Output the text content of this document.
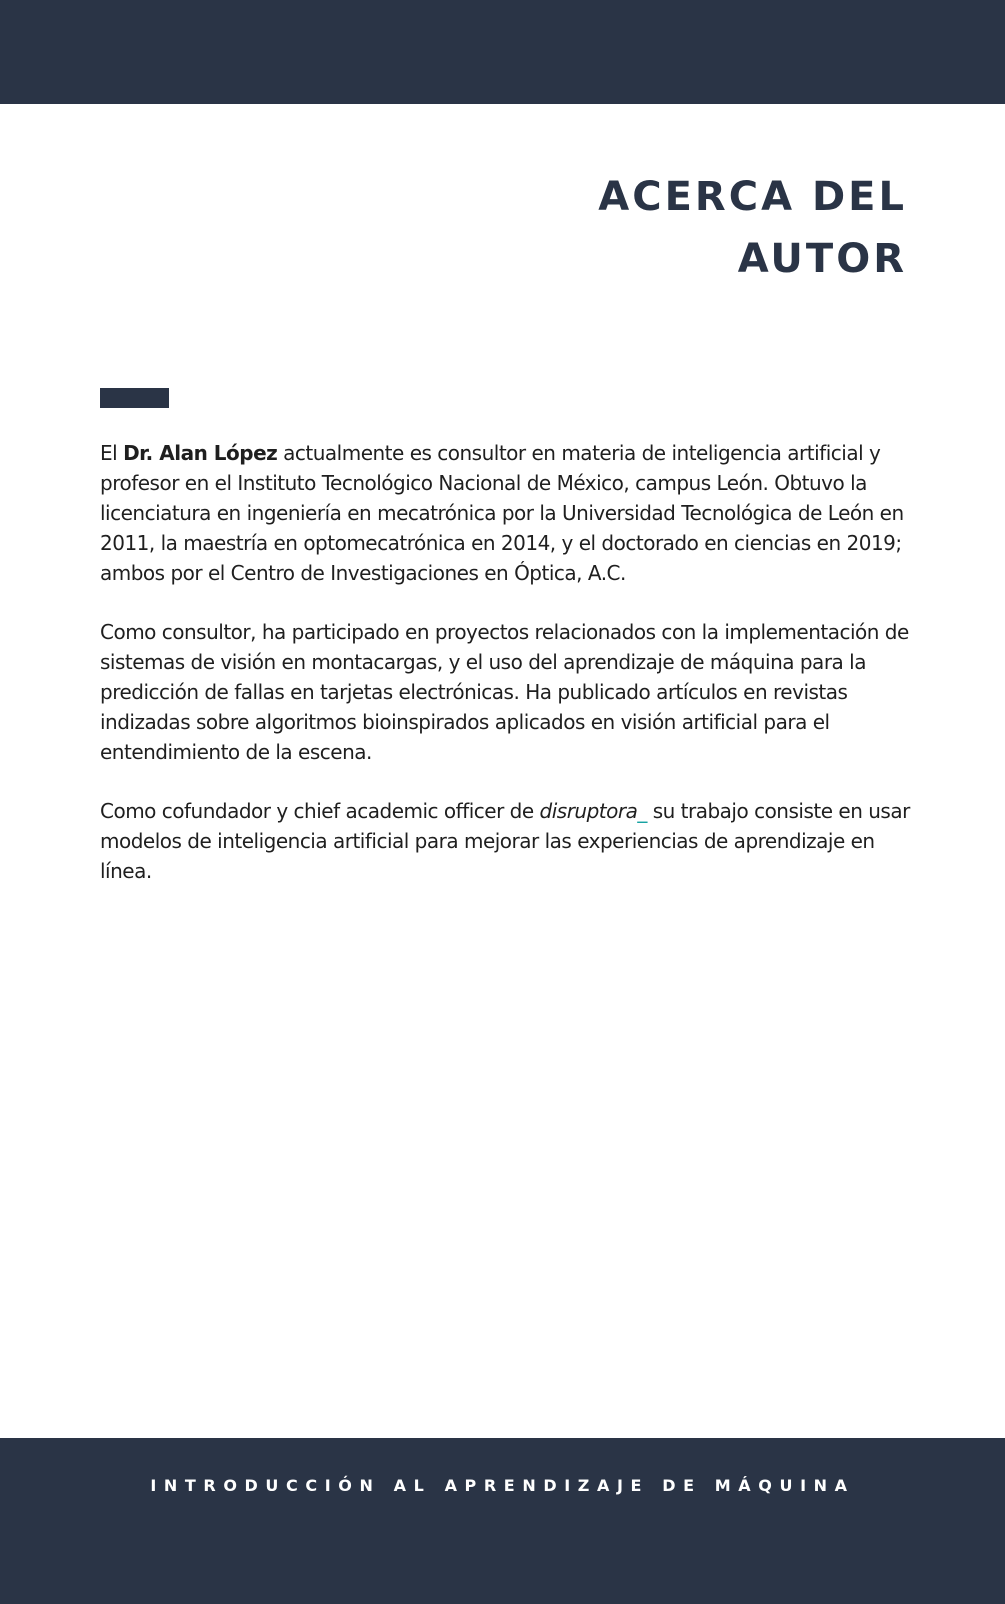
ACERCA DEL
AUTOR

El Dr. Alan López actualmente es consultor en materia de inteligencia artificial y profesor en el Instituto Tecnológico Nacional de México, campus León. Obtuvo la licenciatura en ingeniería en mecatrónica por la Universidad Tecnológica de León en 2011, la maestría en optomecatrónica en 2014, y el doctorado en ciencias en 2019; ambos por el Centro de Investigaciones en Óptica, A.C.

Como consultor, ha participado en proyectos relacionados con la implementación de sistemas de visión en montacargas, y el uso del aprendizaje de máquina para la predicción de fallas en tarjetas electrónicas. Ha publicado artículos en revistas indizadas sobre algoritmos bioinspirados aplicados en visión artificial para el entendimiento de la escena.

Como cofundador y chief academic officer de disruptora_ su trabajo consiste en usar modelos de inteligencia artificial para mejorar las experiencias de aprendizaje en línea.

INTRODUCCIÓN AL APRENDIZAJE DE MÁQUINA
